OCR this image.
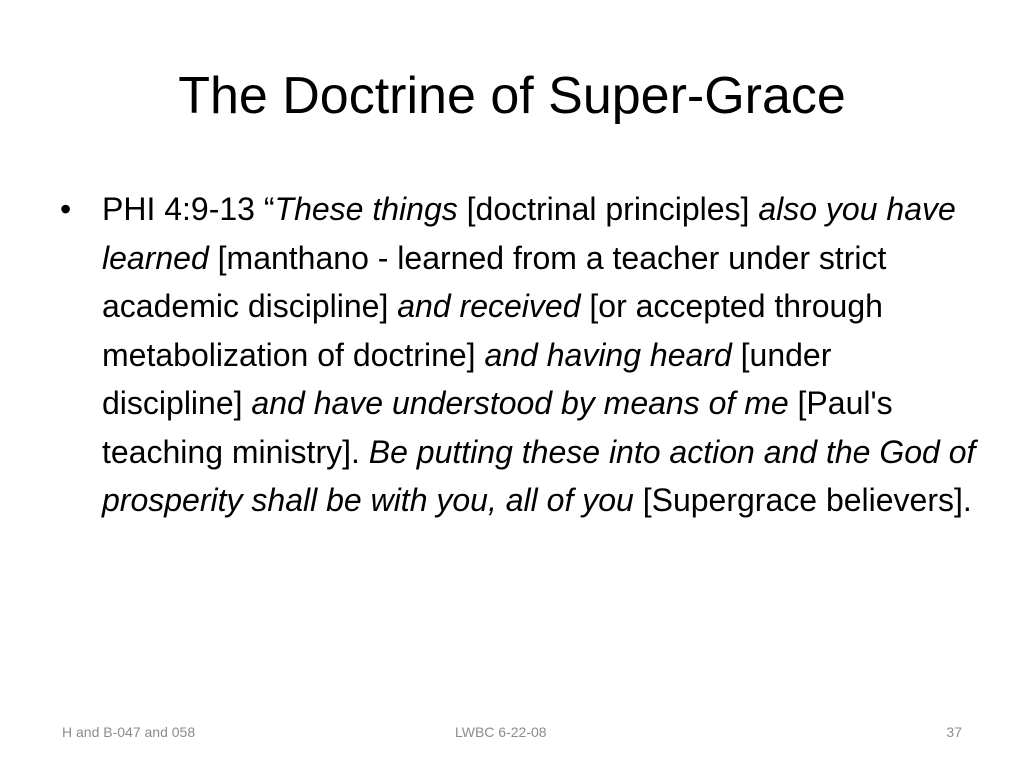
The Doctrine of Super-Grace
• PHI 4:9-13 “These things [doctrinal principles] also you have learned [manthano - learned from a teacher under strict academic discipline] and received [or accepted through metabolization of doctrine] and having heard [under discipline] and have understood by means of me [Paul's teaching ministry]. Be putting these into action and the God of prosperity shall be with you, all of you [Supergrace believers].
H and B-047 and 058	LWBC 6-22-08	37
